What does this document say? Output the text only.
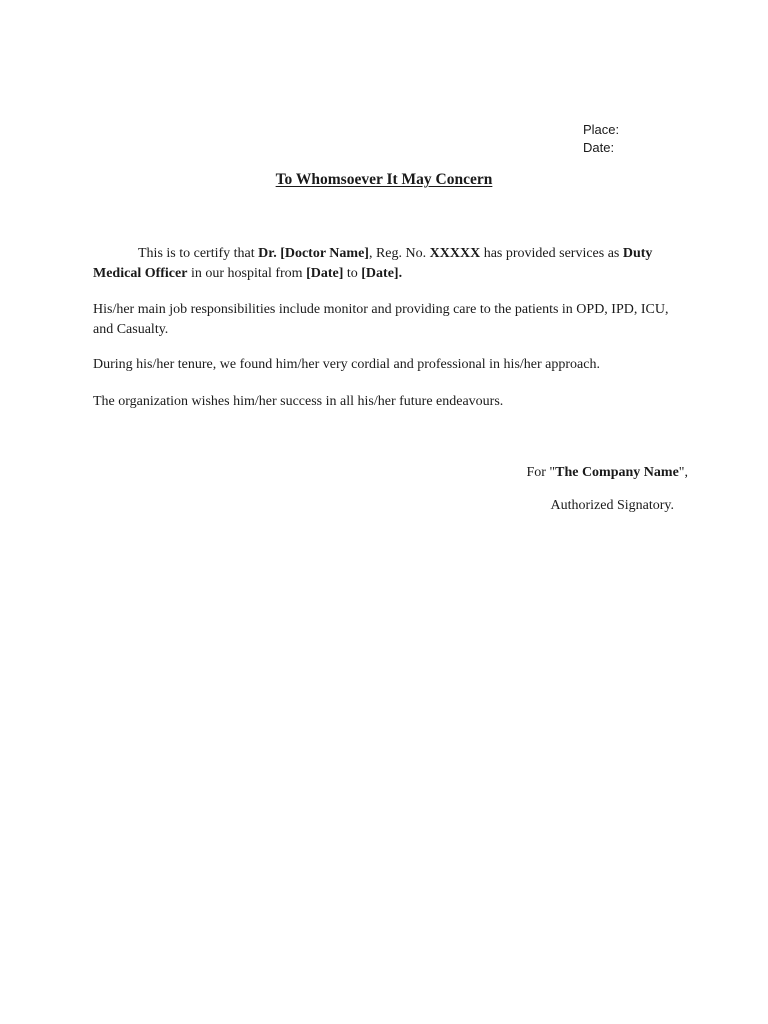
Place:
Date:
To Whomsoever It May Concern
This is to certify that Dr. [Doctor Name], Reg. No. XXXXX has provided services as Duty Medical Officer in our hospital from [Date] to [Date].
His/her main job responsibilities include monitor and providing care to the patients in OPD, IPD, ICU, and Casualty.
During his/her tenure, we found him/her very cordial and professional in his/her approach.
The organization wishes him/her success in all his/her future endeavours.
For "The Company Name",
Authorized Signatory.
